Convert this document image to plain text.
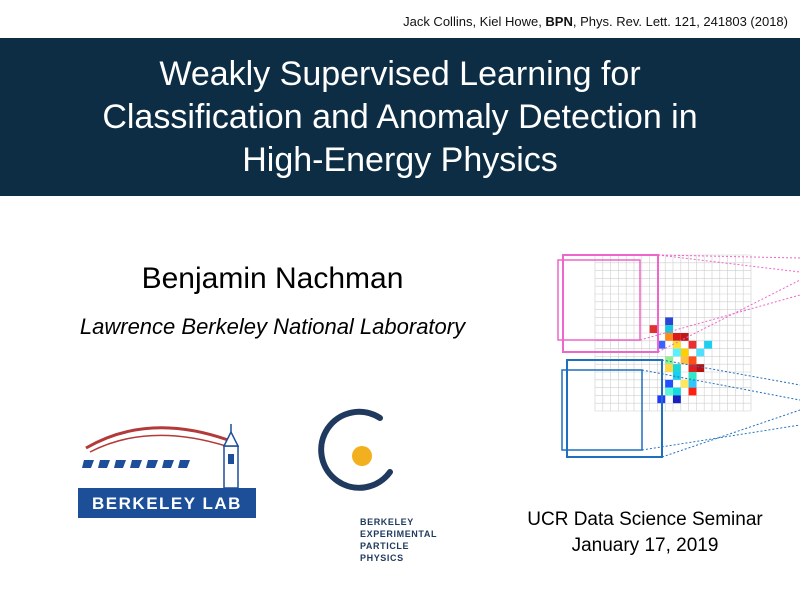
Jack Collins, Kiel Howe, BPN, Phys. Rev. Lett. 121, 241803 (2018)
Weakly Supervised Learning for
Classification and Anomaly Detection in
High-Energy Physics
Benjamin Nachman
Lawrence Berkeley National Laboratory
BERKELEY LAB
BERKELEY
EXPERIMENTAL
PARTICLE
PHYSICS
UCR Data Science Seminar
January 17, 2019
